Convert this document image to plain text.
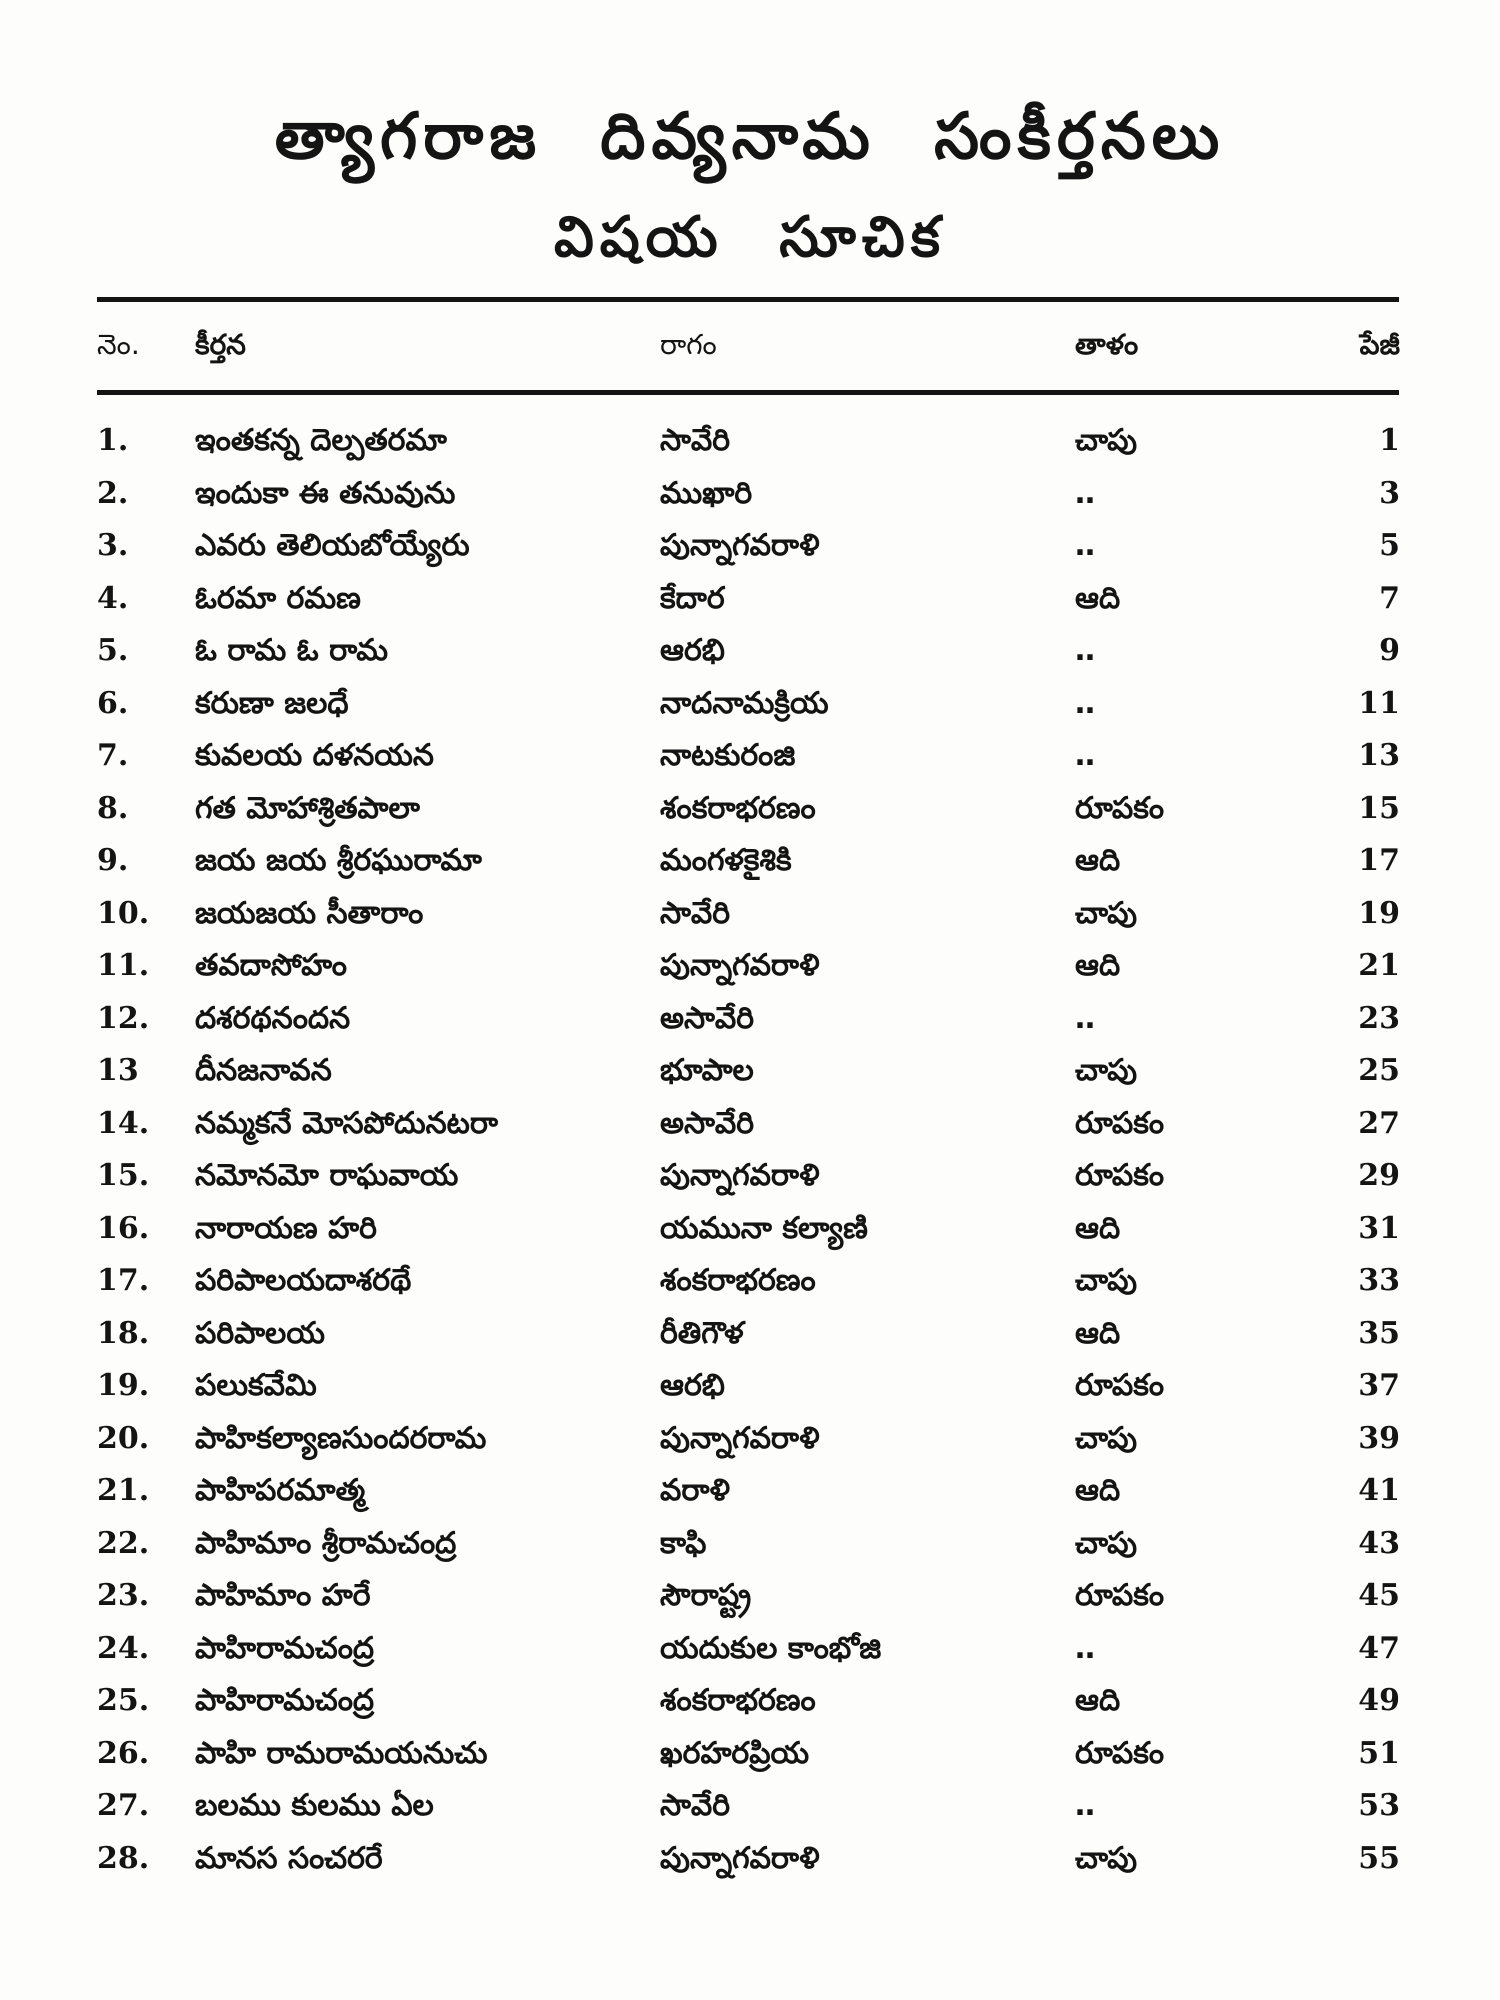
త్యాగరాజ దివ్యనామ సంకీర్తనలు
విషయ సూచిక
నెం.	కీర్తన	రాగం	తాళం	పేజీ
1.	ఇంతకన్న దెల్పతరమా	సావేరి	చాపు	1
2.	ఇందుకా ఈ తనువును	ముఖారి	‥	3
3.	ఎవరు తెలియబోయ్యేరు	పున్నాగవరాళి	‥	5
4.	ఓరమా రమణ	కేదార	ఆది	7
5.	ఓ రామ ఓ రామ	ఆరభి	‥	9
6.	కరుణా జలధే	నాదనామక్రియ	‥	11
7.	కువలయ దళనయన	నాటకురంజి	‥	13
8.	గత మోహాశ్రితపాలా	శంకరాభరణం	రూపకం	15
9.	జయ జయ శ్రీరఘురామా	మంగళకైశికి	ఆది	17
10.	జయజయ సీతారాం	సావేరి	చాపు	19
11.	తవదాసోహం	పున్నాగవరాళి	ఆది	21
12.	దశరథనందన	అసావేరి	‥	23
13	దీనజనావన	భూపాల	చాపు	25
14.	నమ్మకనే మోసపోదునటరా	అసావేరి	రూపకం	27
15.	నమోనమో రాఘవాయ	పున్నాగవరాళి	రూపకం	29
16.	నారాయణ హరి	యమునా కల్యాణి	ఆది	31
17.	పరిపాలయదాశరథే	శంకరాభరణం	చాపు	33
18.	పరిపాలయ	రీతిగౌళ	ఆది	35
19.	పలుకవేమి	ఆరభి	రూపకం	37
20.	పాహికల్యాణసుందరరామ	పున్నాగవరాళి	చాపు	39
21.	పాహిపరమాత్మ	వరాళి	ఆది	41
22.	పాహిమాం శ్రీరామచంద్ర	కాఫి	చాపు	43
23.	పాహిమాం హరే	సౌరాష్ట్ర	రూపకం	45
24.	పాహిరామచంద్ర	యదుకుల కాంభోజి	‥	47
25.	పాహిరామచంద్ర	శంకరాభరణం	ఆది	49
26.	పాహి రామరామయనుచు	ఖరహరప్రియ	రూపకం	51
27.	బలము కులము ఏల	సావేరి	‥	53
28.	మానస సంచరరే	పున్నాగవరాళి	చాపు	55
